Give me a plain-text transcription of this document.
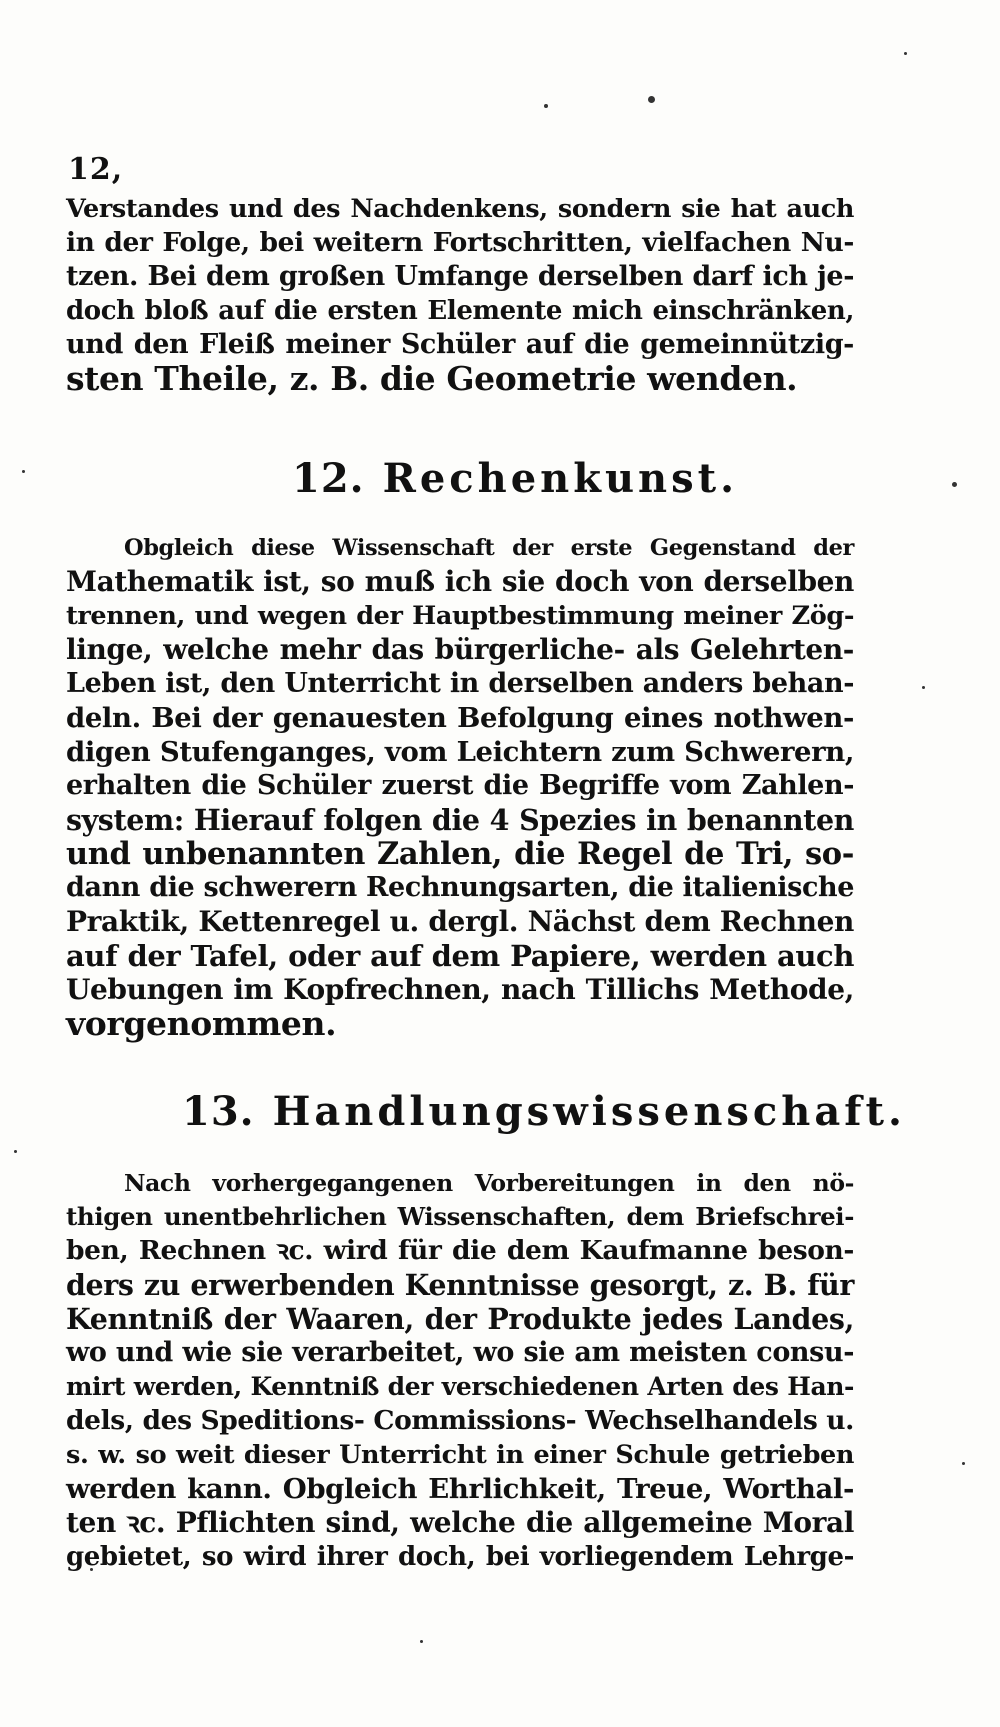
12,
Verstandes und des Nachdenkens, sondern sie hat auch
in der Folge, bei weitern Fortschritten, vielfachen Nu-
tzen. Bei dem großen Umfange derselben darf ich je-
doch bloß auf die ersten Elemente mich einschränken,
und den Fleiß meiner Schüler auf die gemeinnützig-
sten Theile, z. B. die Geometrie wenden.
12. Rechenkunst.
Obgleich diese Wissenschaft der erste Gegenstand der
Mathematik ist, so muß ich sie doch von derselben
trennen, und wegen der Hauptbestimmung meiner Zög-
linge, welche mehr das bürgerliche- als Gelehrten-
Leben ist, den Unterricht in derselben anders behan-
deln. Bei der genauesten Befolgung eines nothwen-
digen Stufenganges, vom Leichtern zum Schwerern,
erhalten die Schüler zuerst die Begriffe vom Zahlen-
system: Hierauf folgen die 4 Spezies in benannten
und unbenannten Zahlen, die Regel de Tri, so-
dann die schwerern Rechnungsarten, die italienische
Praktik, Kettenregel u. dergl. Nächst dem Rechnen
auf der Tafel, oder auf dem Papiere, werden auch
Uebungen im Kopfrechnen, nach Tillichs Methode,
vorgenommen.
13. Handlungswissenschaft.
Nach vorhergegangenen Vorbereitungen in den nö-
thigen unentbehrlichen Wissenschaften, dem Briefschrei-
ben, Rechnen ꝛc. wird für die dem Kaufmanne beson-
ders zu erwerbenden Kenntnisse gesorgt, z. B. für
Kenntniß der Waaren, der Produkte jedes Landes,
wo und wie sie verarbeitet, wo sie am meisten consu-
mirt werden, Kenntniß der verschiedenen Arten des Han-
dels, des Speditions- Commissions- Wechselhandels u.
s. w. so weit dieser Unterricht in einer Schule getrieben
werden kann. Obgleich Ehrlichkeit, Treue, Worthal-
ten ꝛc. Pflichten sind, welche die allgemeine Moral
gebietet, so wird ihrer doch, bei vorliegendem Lehrge-
